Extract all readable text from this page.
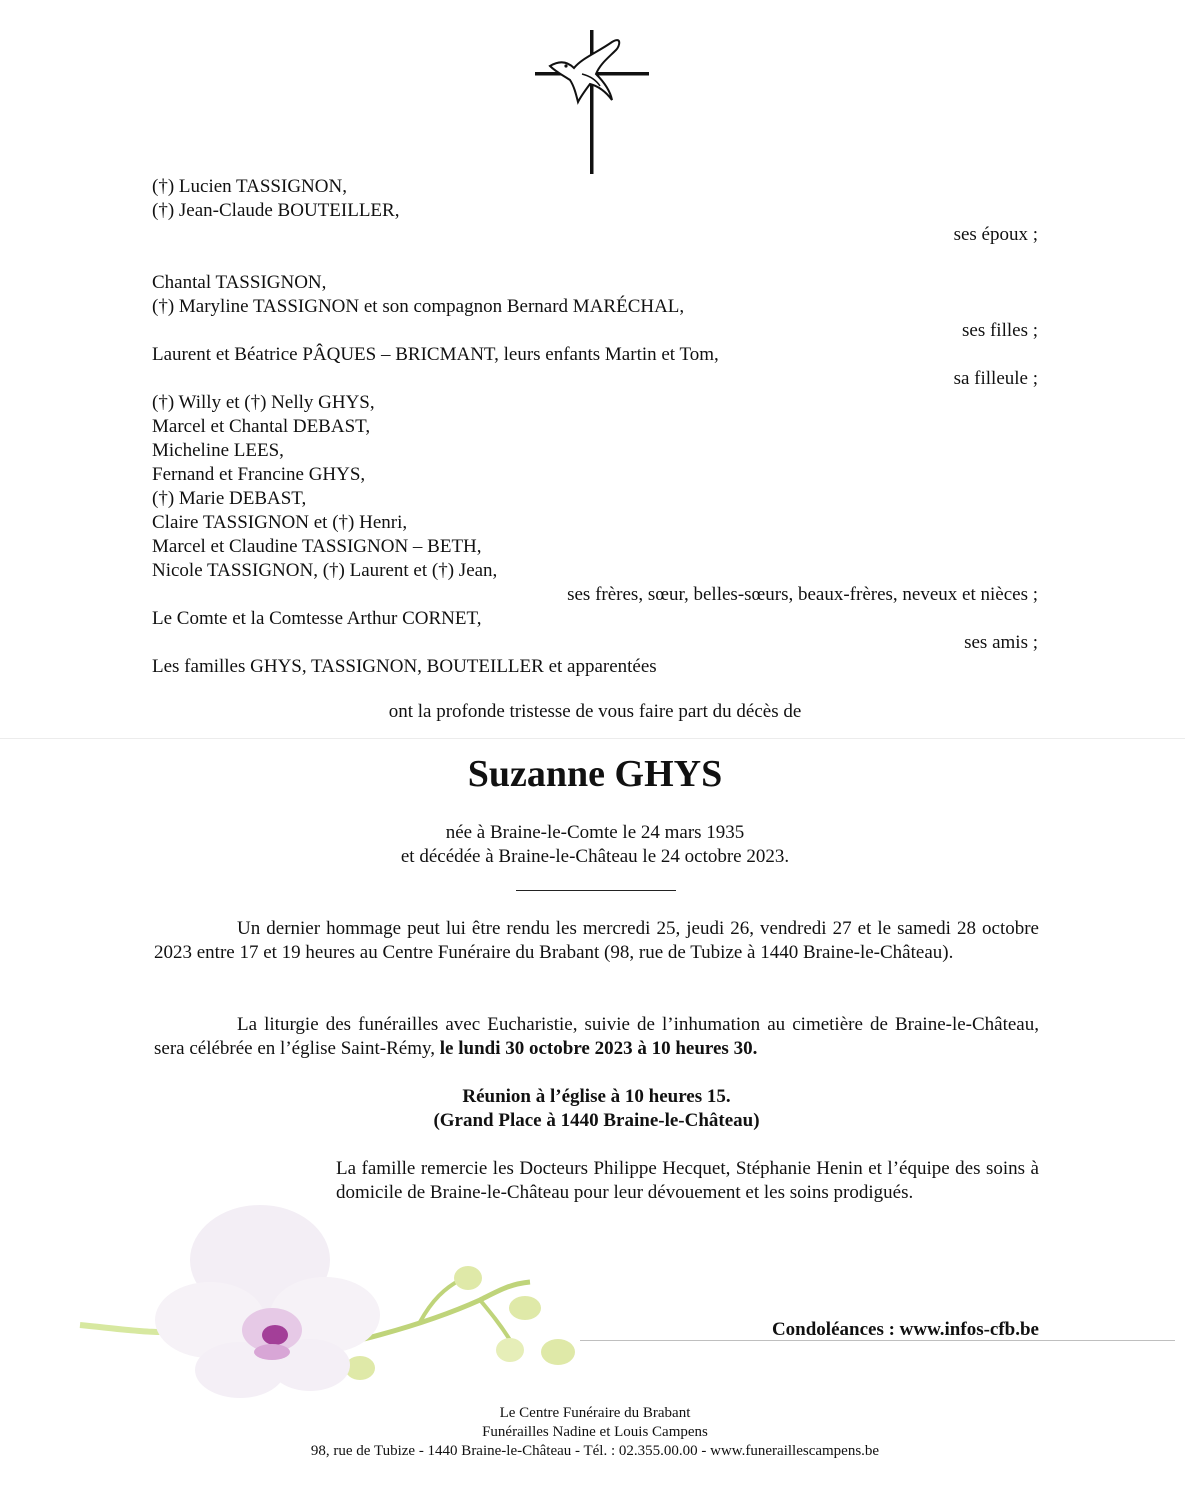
(†) Lucien TASSIGNON,
(†) Jean-Claude BOUTEILLER,
ses époux ;
Chantal TASSIGNON,
(†) Maryline TASSIGNON et son compagnon Bernard MARÉCHAL,
ses filles ;
Laurent et Béatrice PÂQUES – BRICMANT, leurs enfants Martin et Tom,
sa filleule ;
(†) Willy et (†) Nelly GHYS,
Marcel et Chantal DEBAST,
Micheline LEES,
Fernand et Francine GHYS,
(†) Marie DEBAST,
Claire TASSIGNON et (†) Henri,
Marcel et Claudine TASSIGNON – BETH,
Nicole TASSIGNON, (†) Laurent et (†) Jean,
ses frères, sœur, belles-sœurs, beaux-frères, neveux et nièces ;
Le Comte et la Comtesse Arthur CORNET,
ses amis ;
Les familles GHYS, TASSIGNON, BOUTEILLER et apparentées
ont la profonde tristesse de vous faire part du décès de
Suzanne GHYS
née à Braine-le-Comte le 24 mars 1935
et décédée à Braine-le-Château le 24 octobre 2023.
Un dernier hommage peut lui être rendu les mercredi 25, jeudi 26, vendredi 27 et le samedi 28 octobre 2023 entre 17 et 19 heures au Centre Funéraire du Brabant (98, rue de Tubize à 1440 Braine-le-Château).
La liturgie des funérailles avec Eucharistie, suivie de l’inhumation au cimetière de Braine-le-Château, sera célébrée en l’église Saint-Rémy, le lundi 30 octobre 2023 à 10 heures 30.
Réunion à l’église à 10 heures 15.
(Grand Place à 1440 Braine-le-Château)
La famille remercie les Docteurs Philippe Hecquet, Stéphanie Henin et l’équipe des soins à domicile de Braine-le-Château pour leur dévouement et les soins prodigués.
Condoléances : www.infos-cfb.be
Le Centre Funéraire du Brabant
Funérailles Nadine et Louis Campens
98, rue de Tubize - 1440 Braine-le-Château - Tél. : 02.355.00.00 - www.funeraillescampens.be
